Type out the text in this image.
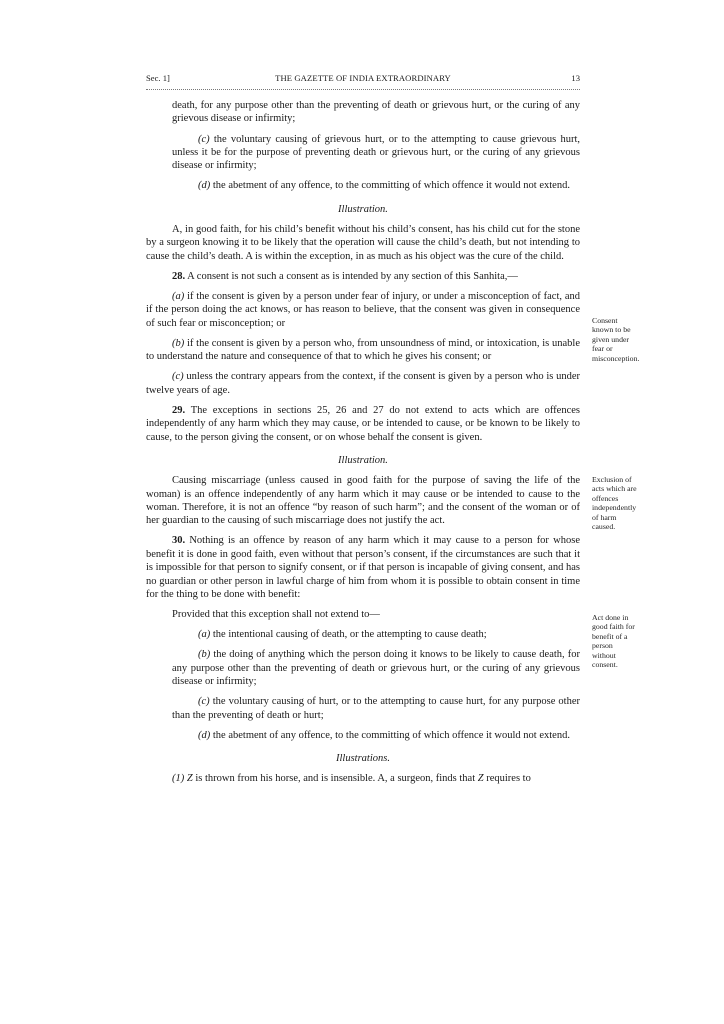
Sec. 1]	THE GAZETTE OF INDIA EXTRAORDINARY	13

death, for any purpose other than the preventing of death or grievous hurt, or the curing of any grievous disease or infirmity;

(c) the voluntary causing of grievous hurt, or to the attempting to cause grievous hurt, unless it be for the purpose of preventing death or grievous hurt, or the curing of any grievous disease or infirmity;

(d) the abetment of any offence, to the committing of which offence it would not extend.

Illustration.

A, in good faith, for his child’s benefit without his child’s consent, has his child cut for the stone by a surgeon knowing it to be likely that the operation will cause the child’s death, but not intending to cause the child’s death. A is within the exception, in as much as his object was the cure of the child.

28. A consent is not such a consent as is intended by any section of this Sanhita,—

(a) if the consent is given by a person under fear of injury, or under a misconception of fact, and if the person doing the act knows, or has reason to believe, that the consent was given in consequence of such fear or misconception; or

(b) if the consent is given by a person who, from unsoundness of mind, or intoxication, is unable to understand the nature and consequence of that to which he gives his consent; or

(c) unless the contrary appears from the context, if the consent is given by a person who is under twelve years of age.

29. The exceptions in sections 25, 26 and 27 do not extend to acts which are offences independently of any harm which they may cause, or be intended to cause, or be known to be likely to cause, to the person giving the consent, or on whose behalf the consent is given.

Illustration.

Causing miscarriage (unless caused in good faith for the purpose of saving the life of the woman) is an offence independently of any harm which it may cause or be intended to cause to the woman. Therefore, it is not an offence “by reason of such harm”; and the consent of the woman or of her guardian to the causing of such miscarriage does not justify the act.

30. Nothing is an offence by reason of any harm which it may cause to a person for whose benefit it is done in good faith, even without that person’s consent, if the circumstances are such that it is impossible for that person to signify consent, or if that person is incapable of giving consent, and has no guardian or other person in lawful charge of him from whom it is possible to obtain consent in time for the thing to be done with benefit:

Provided that this exception shall not extend to—

(a) the intentional causing of death, or the attempting to cause death;

(b) the doing of anything which the person doing it knows to be likely to cause death, for any purpose other than the preventing of death or grievous hurt, or the curing of any grievous disease or infirmity;

(c) the voluntary causing of hurt, or to the attempting to cause hurt, for any purpose other than the preventing of death or hurt;

(d) the abetment of any offence, to the committing of which offence it would not extend.

Illustrations.

(1) Z is thrown from his horse, and is insensible. A, a surgeon, finds that Z requires to

Consent
known to be
given under
fear or
misconception.
Exclusion of
acts which are
offences
independently
of harm
caused.
Act done in
good faith for
benefit of a
person
without
consent.
